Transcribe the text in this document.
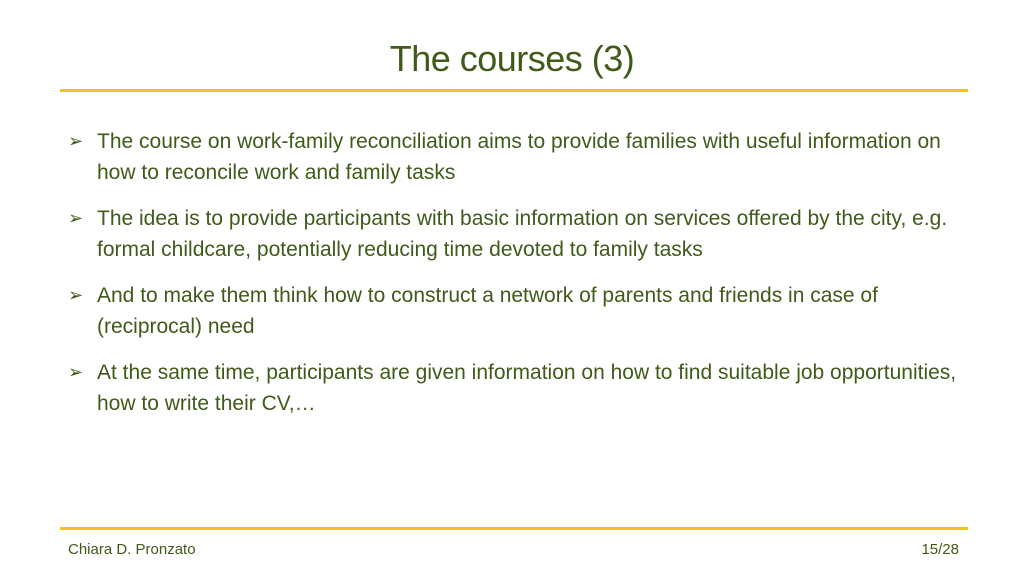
The courses (3)
➢ The course on work-family reconciliation aims to provide families with useful information on how to reconcile work and family tasks
➢ The idea is to provide participants with basic information on services offered by the city, e.g. formal childcare, potentially reducing time devoted to family tasks
➢ And to make them think how to construct a network of parents and friends in case of (reciprocal) need
➢ At the same time, participants are given information on how to find suitable job opportunities, how to write their CV,…
Chiara D. Pronzato	15/28
